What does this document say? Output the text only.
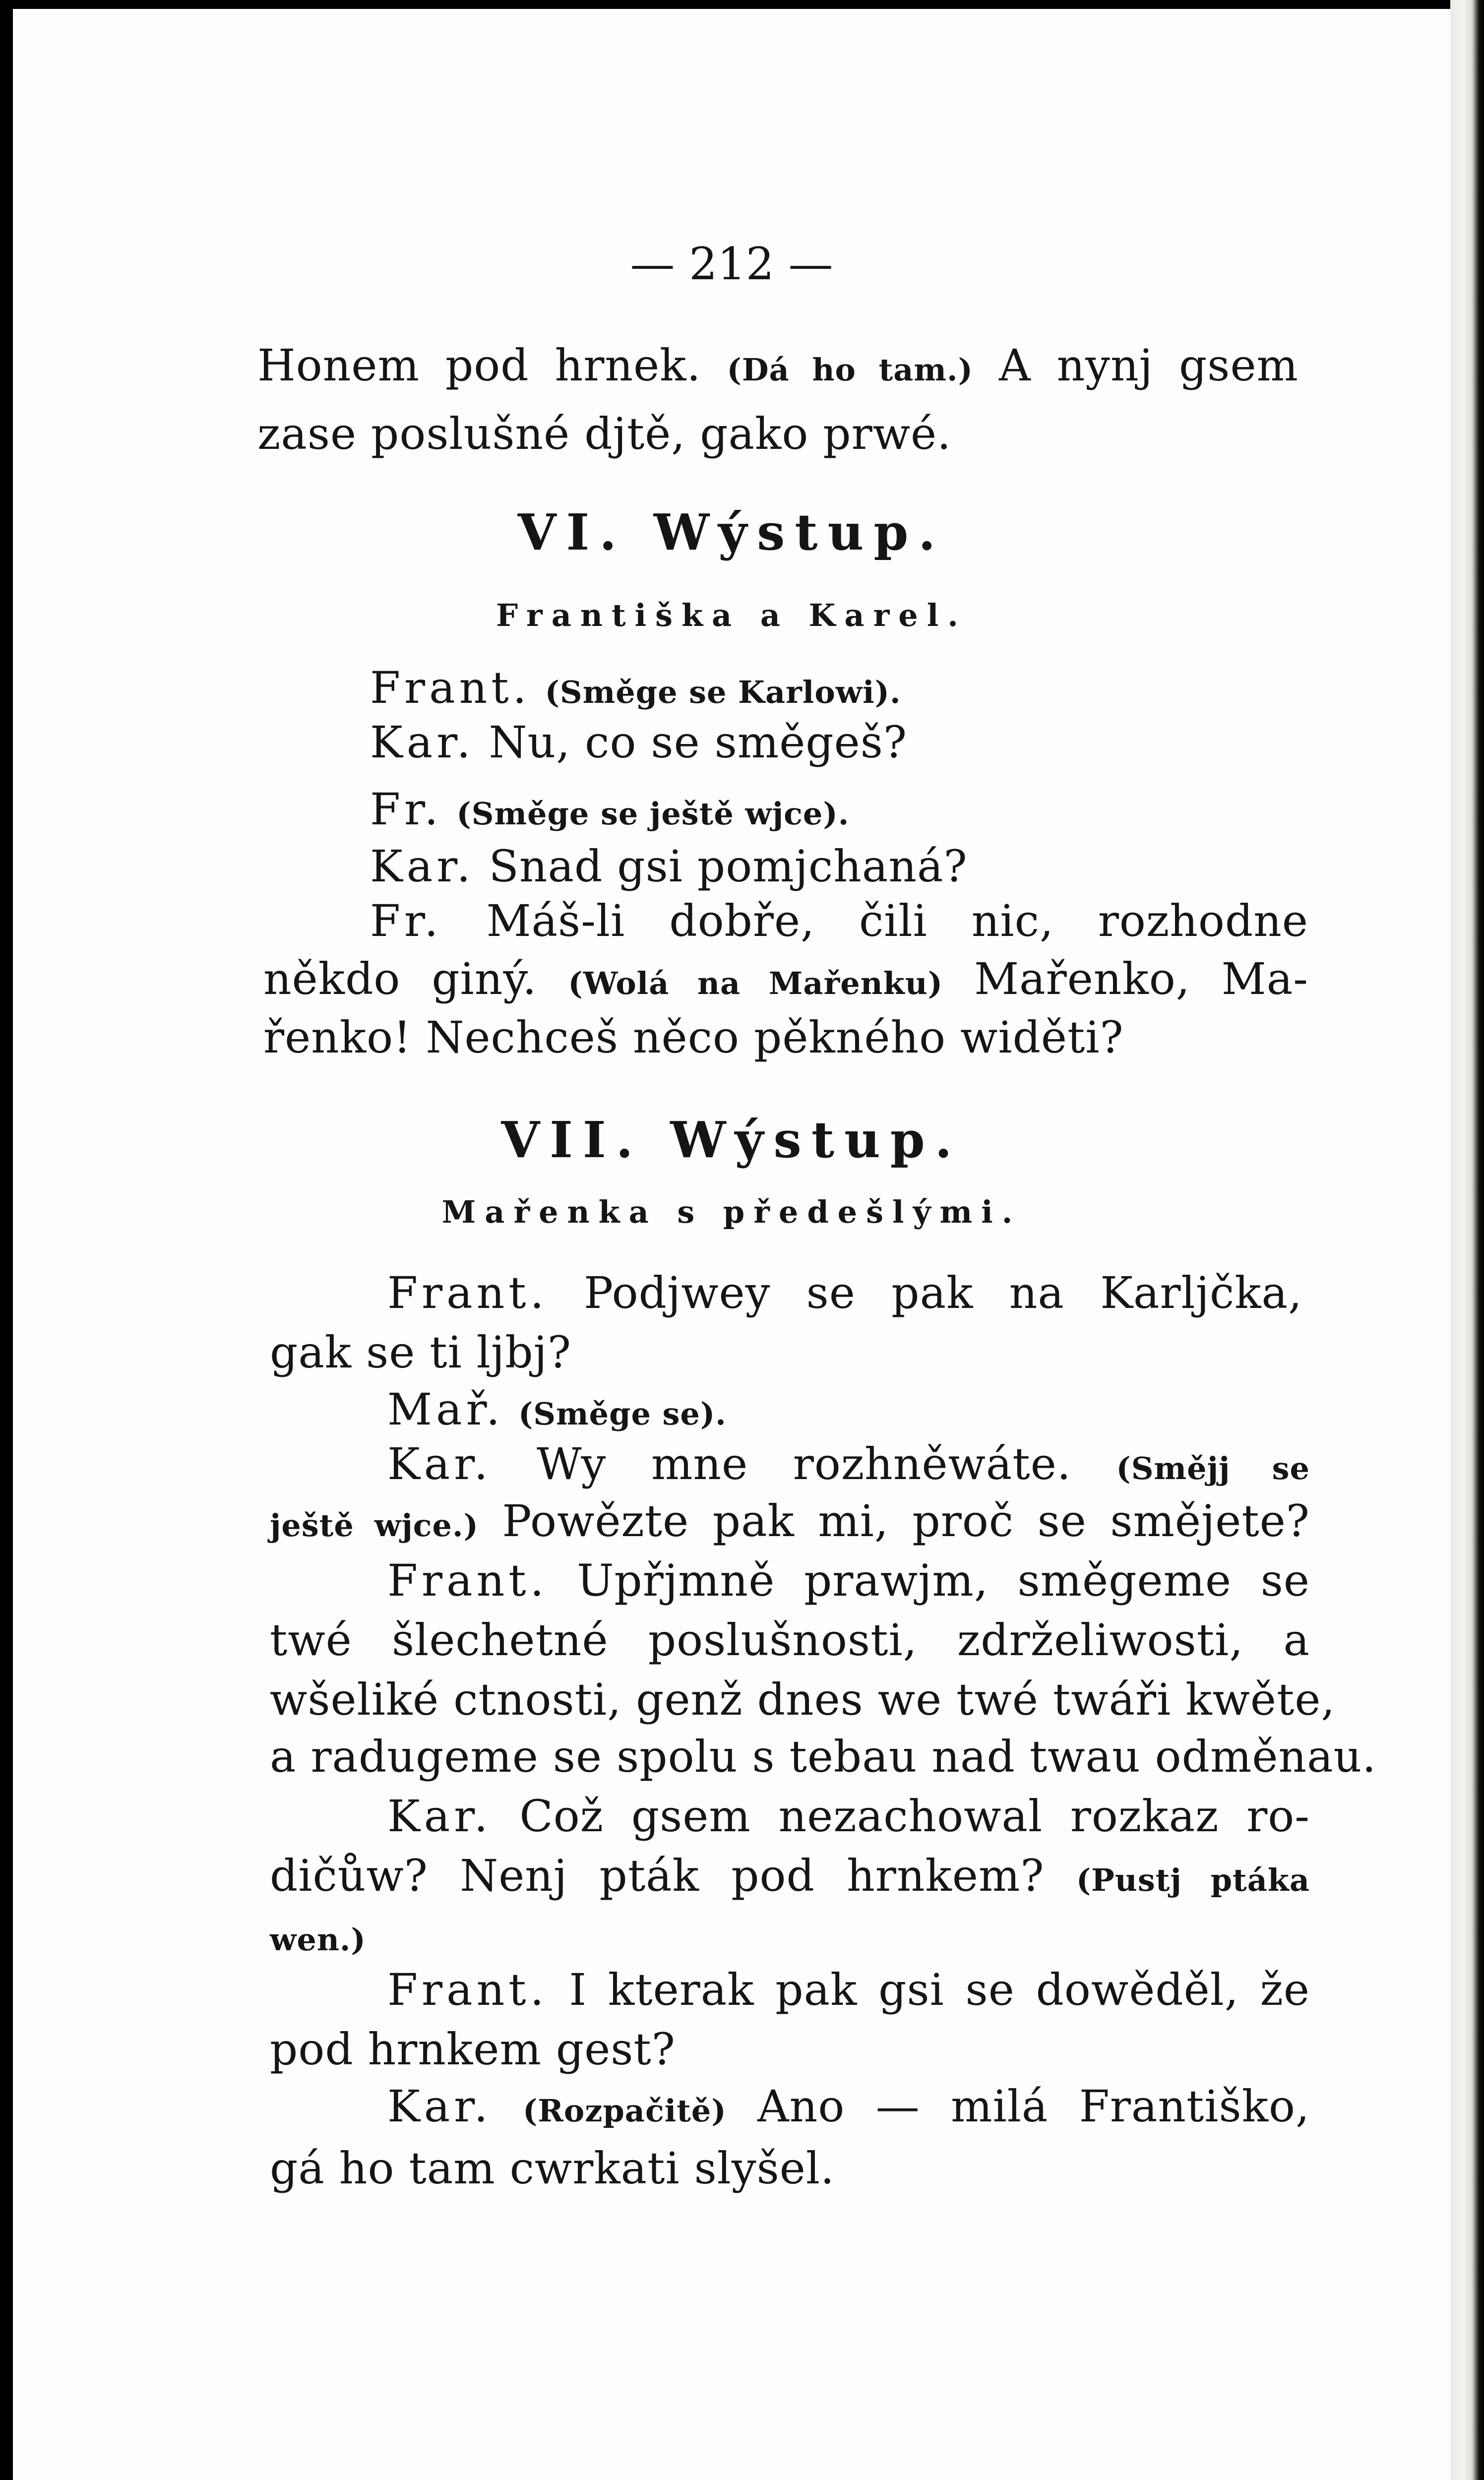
— 212 —

Honem pod hrnek. (Dá ho tam.) A nynj gsem

zase poslušné djtě, gako prwé.

VI. Wýstup.

Františka a Karel.

Frant. (Směge se Karlowi).

Kar. Nu, co se směgeš?

Fr. (Směge se ještě wjce).

Kar. Snad gsi pomjchaná?

Fr. Máš-li dobře, čili nic, rozhodne

někdo giný. (Wolá na Mařenku) Mařenko, Ma-

řenko! Nechceš něco pěkného widěti?

VII. Wýstup.

Mařenka s předešlými.

Frant. Podjwey se pak na Karljčka,

gak se ti ljbj?

Mař. (Směge se).

Kar. Wy mne rozhněwáte. (Smějj se

ještě wjce.) Powězte pak mi, proč se smějete?

Frant. Upřjmně prawjm, směgeme se

twé šlechetné poslušnosti, zdrželiwosti, a

wšeliké ctnosti, genž dnes we twé twáři kwěte,

a radugeme se spolu s tebau nad twau odměnau.

Kar. Což gsem nezachowal rozkaz ro-

dičůw? Nenj pták pod hrnkem? (Pustj ptáka

wen.)

Frant. I kterak pak gsi se dowěděl, že

pod hrnkem gest?

Kar. (Rozpačitě) Ano — milá Františko,

gá ho tam cwrkati slyšel.
